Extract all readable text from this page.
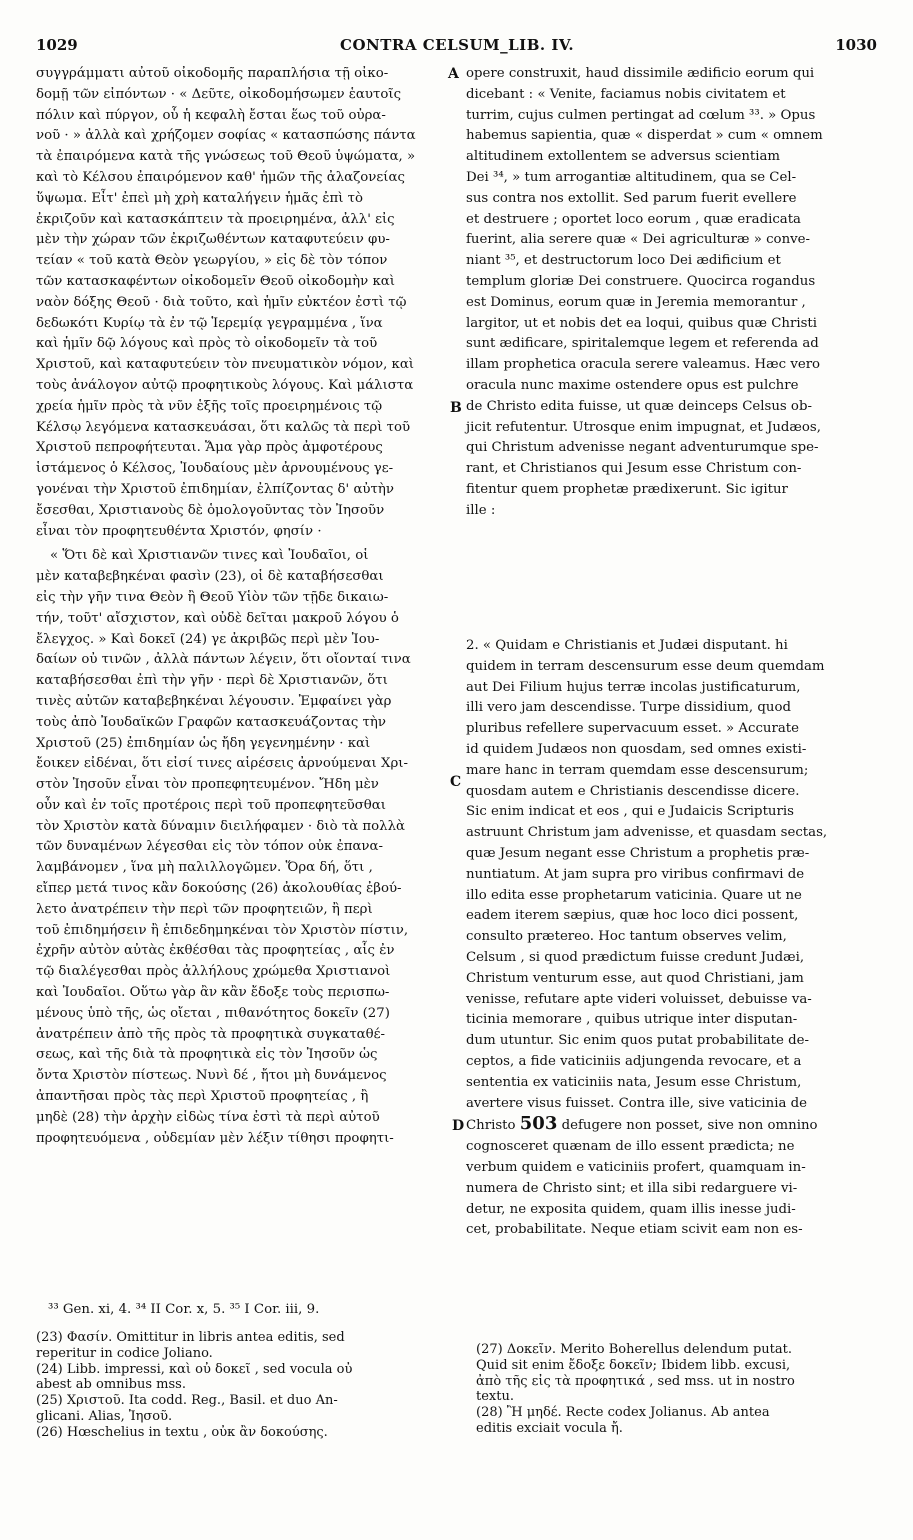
1029	CONTRA CELSUM_LIB. IV.	1030
συγγράμματι αὐτοῦ οἰκοδομῆς παραπλήσια τῇ οἰκο-
δομῇ τῶν εἰπόντων · « Δεῦτε, οἰκοδομήσωμεν ἑαυτοῖς
πόλιν καὶ πύργον, οὗ ἡ κεφαλὴ ἔσται ἕως τοῦ οὐρα-
νοῦ · » ἀλλὰ καὶ χρήζομεν σοφίας « κατασπώσης πάντα
τὰ ἐπαιρόμενα κατὰ τῆς γνώσεως τοῦ Θεοῦ ὑψώματα, »
καὶ τὸ Κέλσου ἐπαιρόμενον καθ' ἡμῶν τῆς ἀλαζονείας
ὕψωμα. Εἶτ' ἐπεὶ μὴ χρὴ καταλήγειν ἡμᾶς ἐπὶ τὸ
ἐκριζοῦν καὶ κατασκάπτειν τὰ προειρημένα, ἀλλ' εἰς
μὲν τὴν χώραν τῶν ἐκριζωθέντων καταφυτεύειν φυ-
τείαν « τοῦ κατὰ Θεὸν γεωργίου, » εἰς δὲ τὸν τόπον
τῶν κατασκαφέντων οἰκοδομεῖν Θεοῦ οἰκοδομὴν καὶ
ναὸν δόξης Θεοῦ · διὰ τοῦτο, καὶ ἡμῖν εὐκτέον ἐστὶ τῷ
δεδωκότι Κυρίῳ τὰ ἐν τῷ Ἱερεμίᾳ γεγραμμένα , ἵνα
καὶ ἡμῖν δῷ λόγους καὶ πρὸς τὸ οἰκοδομεῖν τὰ τοῦ
Χριστοῦ, καὶ καταφυτεύειν τὸν πνευματικὸν νόμον, καὶ
τοὺς ἀνάλογον αὐτῷ προφητικοὺς λόγους. Καὶ μάλιστα
χρεία ἡμῖν πρὸς τὰ νῦν ἑξῆς τοῖς προειρημένοις τῷ
Κέλσῳ λεγόμενα κατασκευάσαι, ὅτι καλῶς τὰ περὶ τοῦ
Χριστοῦ πεπροφήτευται. Ἅμα γὰρ πρὸς ἀμφοτέρους
ἱστάμενος ὁ Κέλσος, Ἰουδαίους μὲν ἀρνουμένους γε-
γονέναι τὴν Χριστοῦ ἐπιδημίαν, ἐλπίζοντας δ' αὐτὴν
ἔσεσθαι, Χριστιανοὺς δὲ ὁμολογοῦντας τὸν Ἰησοῦν
εἶναι τὸν προφητευθέντα Χριστόν, φησίν ·
« Ὅτι δὲ καὶ Χριστιανῶν τινες καὶ Ἰουδαῖοι, οἱ
μὲν καταβεβηκέναι φασὶν (23), οἱ δὲ καταβήσεσθαι
εἰς τὴν γῆν τινα Θεὸν ἢ Θεοῦ Υἱὸν τῶν τῇδε δικαιω-
τήν, τοῦτ' αἴσχιστον, καὶ οὐδὲ δεῖται μακροῦ λόγου ὁ
ἔλεγχος. » Καὶ δοκεῖ (24) γε ἀκριβῶς περὶ μὲν Ἰου-
δαίων οὐ τινῶν , ἀλλὰ πάντων λέγειν, ὅτι οἴονταί τινα
καταβήσεσθαι ἐπὶ τὴν γῆν · περὶ δὲ Χριστιανῶν, ὅτι
τινὲς αὐτῶν καταβεβηκέναι λέγουσιν. Ἐμφαίνει γὰρ
τοὺς ἀπὸ Ἰουδαϊκῶν Γραφῶν κατασκευάζοντας τὴν
Χριστοῦ (25) ἐπιδημίαν ὡς ἤδη γεγενημένην · καὶ
ἔοικεν εἰδέναι, ὅτι εἰσί τινες αἱρέσεις ἀρνούμεναι Χρι-
στὸν Ἰησοῦν εἶναι τὸν προπεφητευμένον. Ἤδη μὲν
οὖν καὶ ἐν τοῖς προτέροις περὶ τοῦ προπεφητεῦσθαι
τὸν Χριστὸν κατὰ δύναμιν διειλήφαμεν · διὸ τὰ πολλὰ
τῶν δυναμένων λέγεσθαι εἰς τὸν τόπον οὐκ ἐπανα-
λαμβάνομεν , ἵνα μὴ παλιλλογῶμεν. Ὅρα δή, ὅτι ,
εἴπερ μετά τινος κἂν δοκούσης (26) ἀκολουθίας ἐβού-
λετο ἀνατρέπειν τὴν περὶ τῶν προφητειῶν, ἢ περὶ
τοῦ ἐπιδημήσειν ἢ ἐπιδεδημηκέναι τὸν Χριστὸν πίστιν,
ἐχρῆν αὐτὸν αὐτὰς ἐκθέσθαι τὰς προφητείας , αἷς ἐν
τῷ διαλέγεσθαι πρὸς ἀλλήλους χρώμεθα Χριστιανοὶ
καὶ Ἰουδαῖοι. Οὕτω γὰρ ἂν κἂν ἔδοξε τοὺς περισπω-
μένους ὑπὸ τῆς, ὡς οἴεται , πιθανότητος δοκεῖν (27)
ἀνατρέπειν ἀπὸ τῆς πρὸς τὰ προφητικὰ συγκαταθέ-
σεως, καὶ τῆς διὰ τὰ προφητικὰ εἰς τὸν Ἰησοῦν ὡς
ὄντα Χριστὸν πίστεως. Νυνὶ δέ , ἤτοι μὴ δυνάμενος
ἀπαντῆσαι πρὸς τὰς περὶ Χριστοῦ προφητείας , ἢ
μηδὲ (28) τὴν ἀρχὴν εἰδὼς τίνα ἐστὶ τὰ περὶ αὐτοῦ
προφητευόμενα , οὐδεμίαν μὲν λέξιν τίθησι προφητι-
opere construxit, haud dissimile ædificio eorum qui
dicebant : « Venite, faciamus nobis civitatem et
turrim, cujus culmen pertingat ad cœlum ³³. » Opus
habemus sapientia, quæ « disperdat » cum « omnem
altitudinem extollentem se adversus scientiam
Dei ³⁴, » tum arrogantiæ altitudinem, qua se Cel-
sus contra nos extollit. Sed parum fuerit evellere
et destruere ; oportet loco eorum , quæ eradicata
fuerint, alia serere quæ « Dei agriculturæ » conve-
niant ³⁵, et destructorum loco Dei ædificium et
templum gloriæ Dei construere. Quocirca rogandus
est Dominus, eorum quæ in Jeremia memorantur ,
largitor, ut et nobis det ea loqui, quibus quæ Christi
sunt ædificare, spiritalemque legem et referenda ad
illam prophetica oracula serere valeamus. Hæc vero
oracula nunc maxime ostendere opus est pulchre
de Christo edita fuisse, ut quæ deinceps Celsus ob-
jicit refutentur. Utrosque enim impugnat, et Judæos,
qui Christum advenisse negant adventurumque spe-
rant, et Christianos qui Jesum esse Christum con-
fitentur quem prophetæ prædixerunt. Sic igitur
ille :
2. « Quidam e Christianis et Judæi disputant. hi
quidem in terram descensurum esse deum quemdam
aut Dei Filium hujus terræ incolas justificaturum,
illi vero jam descendisse. Turpe dissidium, quod
pluribus refellere supervacuum esset. » Accurate
id quidem Judæos non quosdam, sed omnes existi-
mare hanc in terram quemdam esse descensurum;
quosdam autem e Christianis descendisse dicere.
Sic enim indicat et eos , qui e Judaicis Scripturis
astruunt Christum jam advenisse, et quasdam sectas,
quæ Jesum negant esse Christum a prophetis præ-
nuntiatum. At jam supra pro viribus confirmavi de
illo edita esse prophetarum vaticinia. Quare ut ne
eadem iterem sæpius, quæ hoc loco dici possent,
consulto prætereo. Hoc tantum observes velim,
Celsum , si quod prædictum fuisse credunt Judæi,
Christum venturum esse, aut quod Christiani, jam
venisse, refutare apte videri voluisset, debuisse va-
ticinia memorare , quibus utrique inter disputan-
dum utuntur. Sic enim quos putat probabilitate de-
ceptos, a fide vaticiniis adjungenda revocare, et a
sententia ex vaticiniis nata, Jesum esse Christum,
avertere visus fuisset. Contra ille, sive vaticinia de
Christo 503 defugere non posset, sive non omnino
cognosceret quænam de illo essent prædicta; ne
verbum quidem e vaticiniis profert, quamquam in-
numera de Christo sint; et illa sibi redarguere vi-
detur, ne exposita quidem, quam illis inesse judi-
cet, probabilitate. Neque etiam scivit eam non es-
A
B
C
D
³³ Gen. xi, 4. ³⁴ II Cor. x, 5. ³⁵ I Cor. iii, 9.
(23) Φασίν. Omittitur in libris antea editis, sed
reperitur in codice Joliano.
(24) Libb. impressi, καὶ οὐ δοκεῖ , sed vocula οὐ
abest ab omnibus mss.
(25) Χριστοῦ. Ita codd. Reg., Basil. et duo An-
glicani. Alias, Ἰησοῦ.
(26) Hœschelius in textu , οὐκ ἂν δοκούσης.
(27) Δοκεῖν. Merito Boherellus delendum putat.
Quid sit enim ἔδοξε δοκεῖν; Ibidem libb. excusi,
ἀπὸ τῆς εἰς τὰ προφητικά , sed mss. ut in nostro
textu.
(28) Ἢ μηδέ. Recte codex Jolianus. Ab antea
editis exciait vocula ἤ.
